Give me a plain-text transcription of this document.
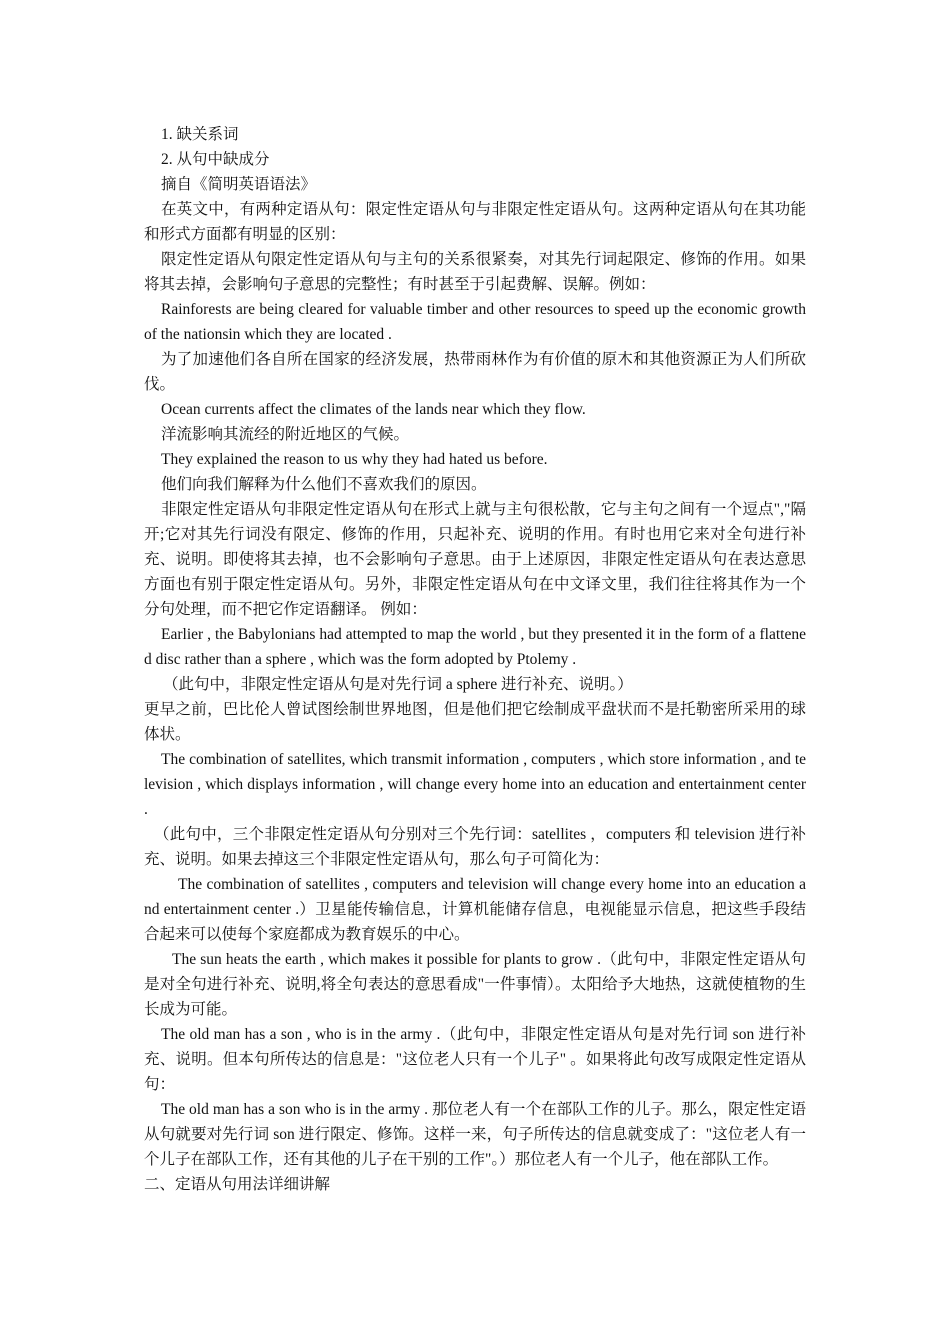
1. 缺关系词

2. 从句中缺成分

摘自《简明英语语法》

在英文中，有两种定语从句：限定性定语从句与非限定性定语从句。这两种定语从句在其功能和形式方面都有明显的区别：

限定性定语从句限定性定语从句与主句的关系很紧奏，对其先行词起限定、修饰的作用。如果将其去掉，会影响句子意思的完整性；有时甚至于引起费解、误解。例如：

Rainforests are being cleared for valuable timber and other resources to speed up the economic growth of the nationsin which they are located .

为了加速他们各自所在国家的经济发展，热带雨林作为有价值的原木和其他资源正为人们所砍伐。

Ocean currents affect the climates of the lands near which they flow.

洋流影响其流经的附近地区的气候。

They explained the reason to us why they had hated us before.

他们向我们解释为什么他们不喜欢我们的原因。

非限定性定语从句非限定性定语从句在形式上就与主句很松散，它与主句之间有一个逗点","隔开;它对其先行词没有限定、修饰的作用，只起补充、说明的作用。有时也用它来对全句进行补充、说明。即使将其去掉，也不会影响句子意思。由于上述原因，非限定性定语从句在表达意思方面也有别于限定性定语从句。另外，非限定性定语从句在中文译文里，我们往往将其作为一个分句处理，而不把它作定语翻译。 例如：

Earlier , the Babylonians had attempted to map the world , but they presented it in the form of a flattened disc rather than a sphere , which was the form adopted by Ptolemy .

（此句中，非限定性定语从句是对先行词 a sphere 进行补充、说明。）

更早之前，巴比伦人曾试图绘制世界地图，但是他们把它绘制成平盘状而不是托勒密所采用的球体状。

The combination of satellites, which transmit information , computers , which store information , and television , which displays information , will change every home into an education and entertainment center .

（此句中，三个非限定性定语从句分别对三个先行词：satellites ，computers 和 television 进行补充、说明。如果去掉这三个非限定性定语从句，那么句子可简化为：

The combination of satellites , computers and television will change every home into an education and entertainment center .）卫星能传输信息，计算机能储存信息，电视能显示信息，把这些手段结合起来可以使每个家庭都成为教育娱乐的中心。

The sun heats the earth , which makes it possible for plants to grow .（此句中，非限定性定语从句是对全句进行补充、说明,将全句表达的意思看成"一件事情）。太阳给予大地热，这就使植物的生长成为可能。

The old man has a son , who is in the army .（此句中，非限定性定语从句是对先行词 son 进行补充、说明。但本句所传达的信息是："这位老人只有一个儿子" 。如果将此句改写成限定性定语从句：

The old man has a son who is in the army . 那位老人有一个在部队工作的儿子。那么，限定性定语从句就要对先行词 son 进行限定、修饰。这样一来，句子所传达的信息就变成了："这位老人有一个儿子在部队工作，还有其他的儿子在干别的工作"。）那位老人有一个儿子，他在部队工作。

二、定语从句用法详细讲解
